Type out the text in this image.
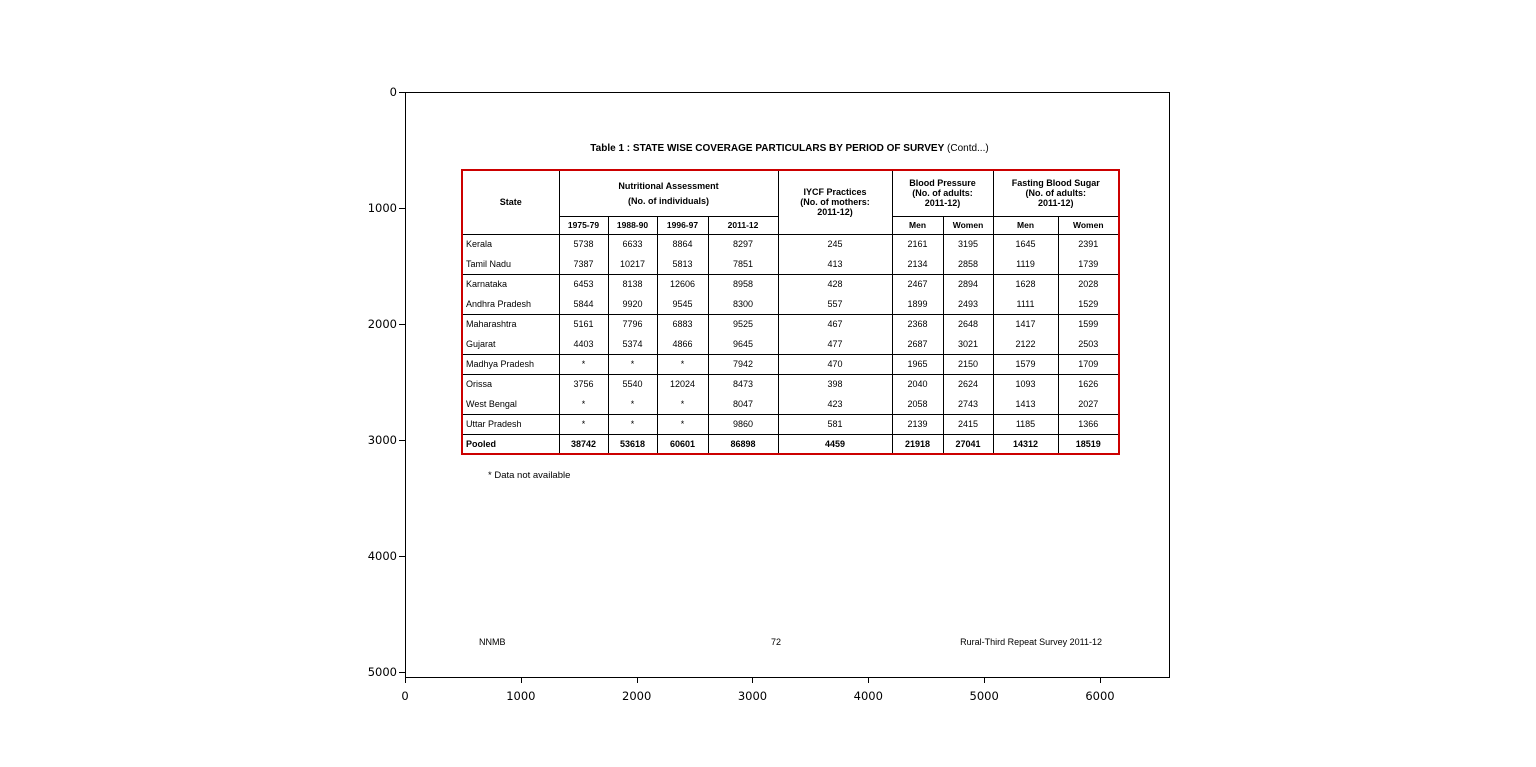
0
1000
2000
3000
4000
5000
0	1000	2000	3000	4000	5000	6000
Table 1 : STATE WISE COVERAGE PARTICULARS BY PERIOD OF SURVEY (Contd...)
State	
Nutritional Assessment
(No. of individuals)

IYCF Practices
(No. of mothers:
2011-12)

Blood Pressure
(No. of adults:
2011-12)

Fasting Blood Sugar
(No. of adults:
2011-12)

	1975-79	1988-90	1996-97	2011-12		Men	Women	Men	Women
Kerala	5738	6633	8864	8297	245	2161	3195	1645	2391
Tamil Nadu	7387	10217	5813	7851	413	2134	2858	1119	1739
Karnataka	6453	8138	12606	8958	428	2467	2894	1628	2028
Andhra Pradesh	5844	9920	9545	8300	557	1899	2493	1111	1529
Maharashtra	5161	7796	6883	9525	467	2368	2648	1417	1599
Gujarat	4403	5374	4866	9645	477	2687	3021	2122	2503
Madhya Pradesh	*	*	*	7942	470	1965	2150	1579	1709
Orissa	3756	5540	12024	8473	398	2040	2624	1093	1626
West Bengal	*	*	*	8047	423	2058	2743	1413	2027
Uttar Pradesh	*	*	*	9860	581	2139	2415	1185	1366
Pooled	38742	53618	60601	86898	4459	21918	27041	14312	18519
* Data not available
NNMB	72	Rural-Third Repeat Survey 2011-12
